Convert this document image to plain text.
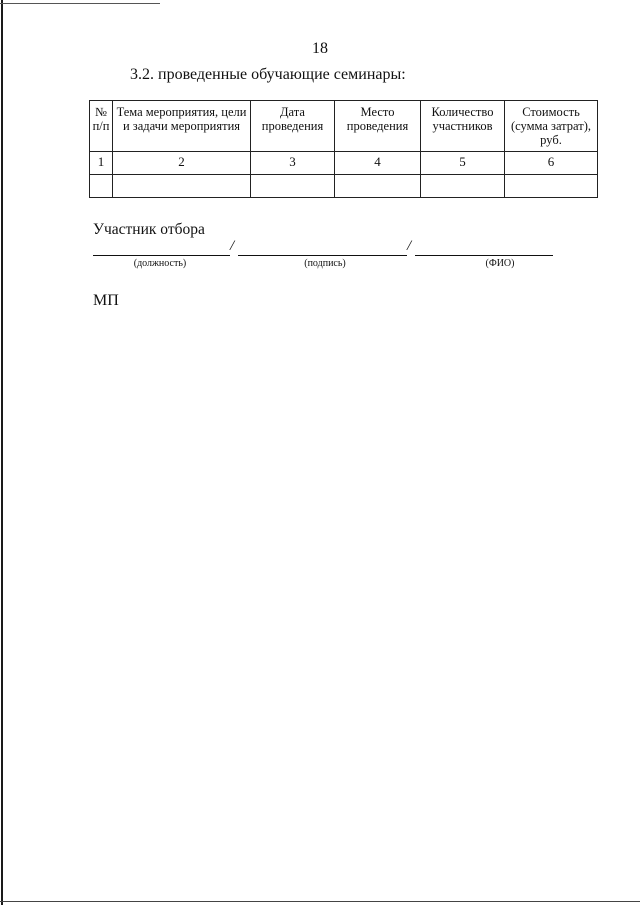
18
3.2. проведенные обучающие семинары:
№ п/п	Тема мероприятия, цели и задачи мероприятия	Дата проведения	Место проведения	Количество участников	Стоимость (сумма затрат), руб.
1	2	3	4	5	6

Участник отбора
/	/
(должность)	(подпись)	(ФИО)
МП
